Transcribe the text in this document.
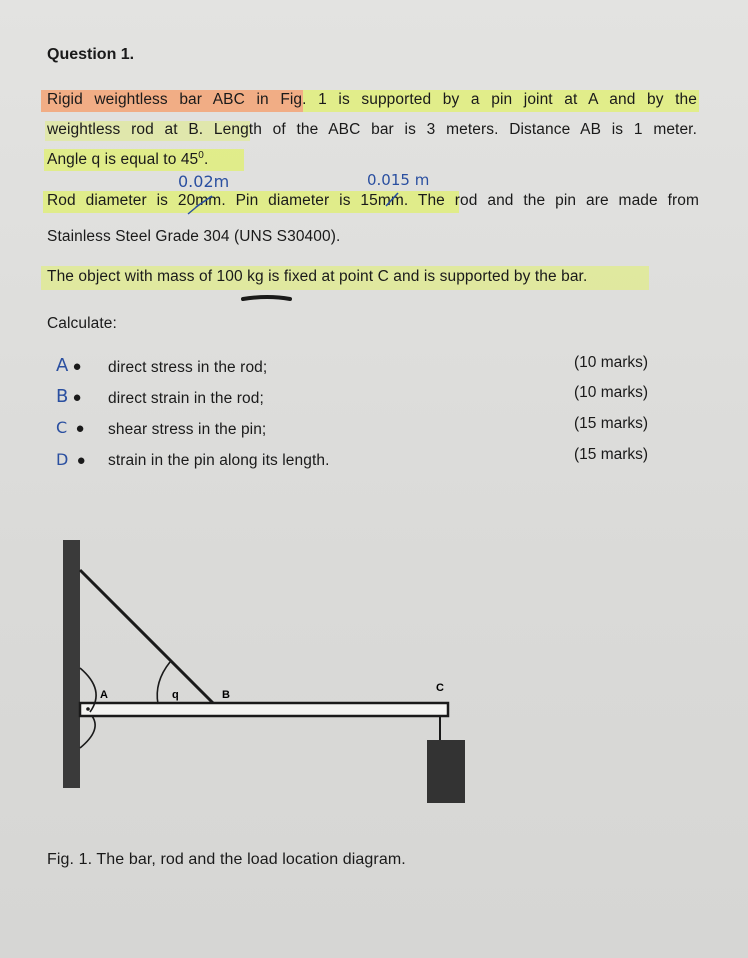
Question 1.
Rigid weightless bar ABC in Fig. 1 is supported by a pin joint at A and by the
weightless rod at B. Length of the ABC bar is 3 meters. Distance AB is 1 meter.
Angle q is equal to $45^0$.
0.02m	0.015 m
Rod diameter is 20mm. Pin diameter is 15mm. The rod and the pin are made from
Stainless Steel Grade 304 (UNS S30400).
The object with mass of 100 kg is fixed at point C and is supported by the bar.
Calculate:
A ● direct stress in the rod;	(10 marks)
B ● direct strain in the rod;	(10 marks)
C  ● shear stress in the pin;	(15 marks)
D  ● strain in the pin along its length.	(15 marks)
A	q	B
C
Fig. 1. The bar, rod and the load location diagram.
